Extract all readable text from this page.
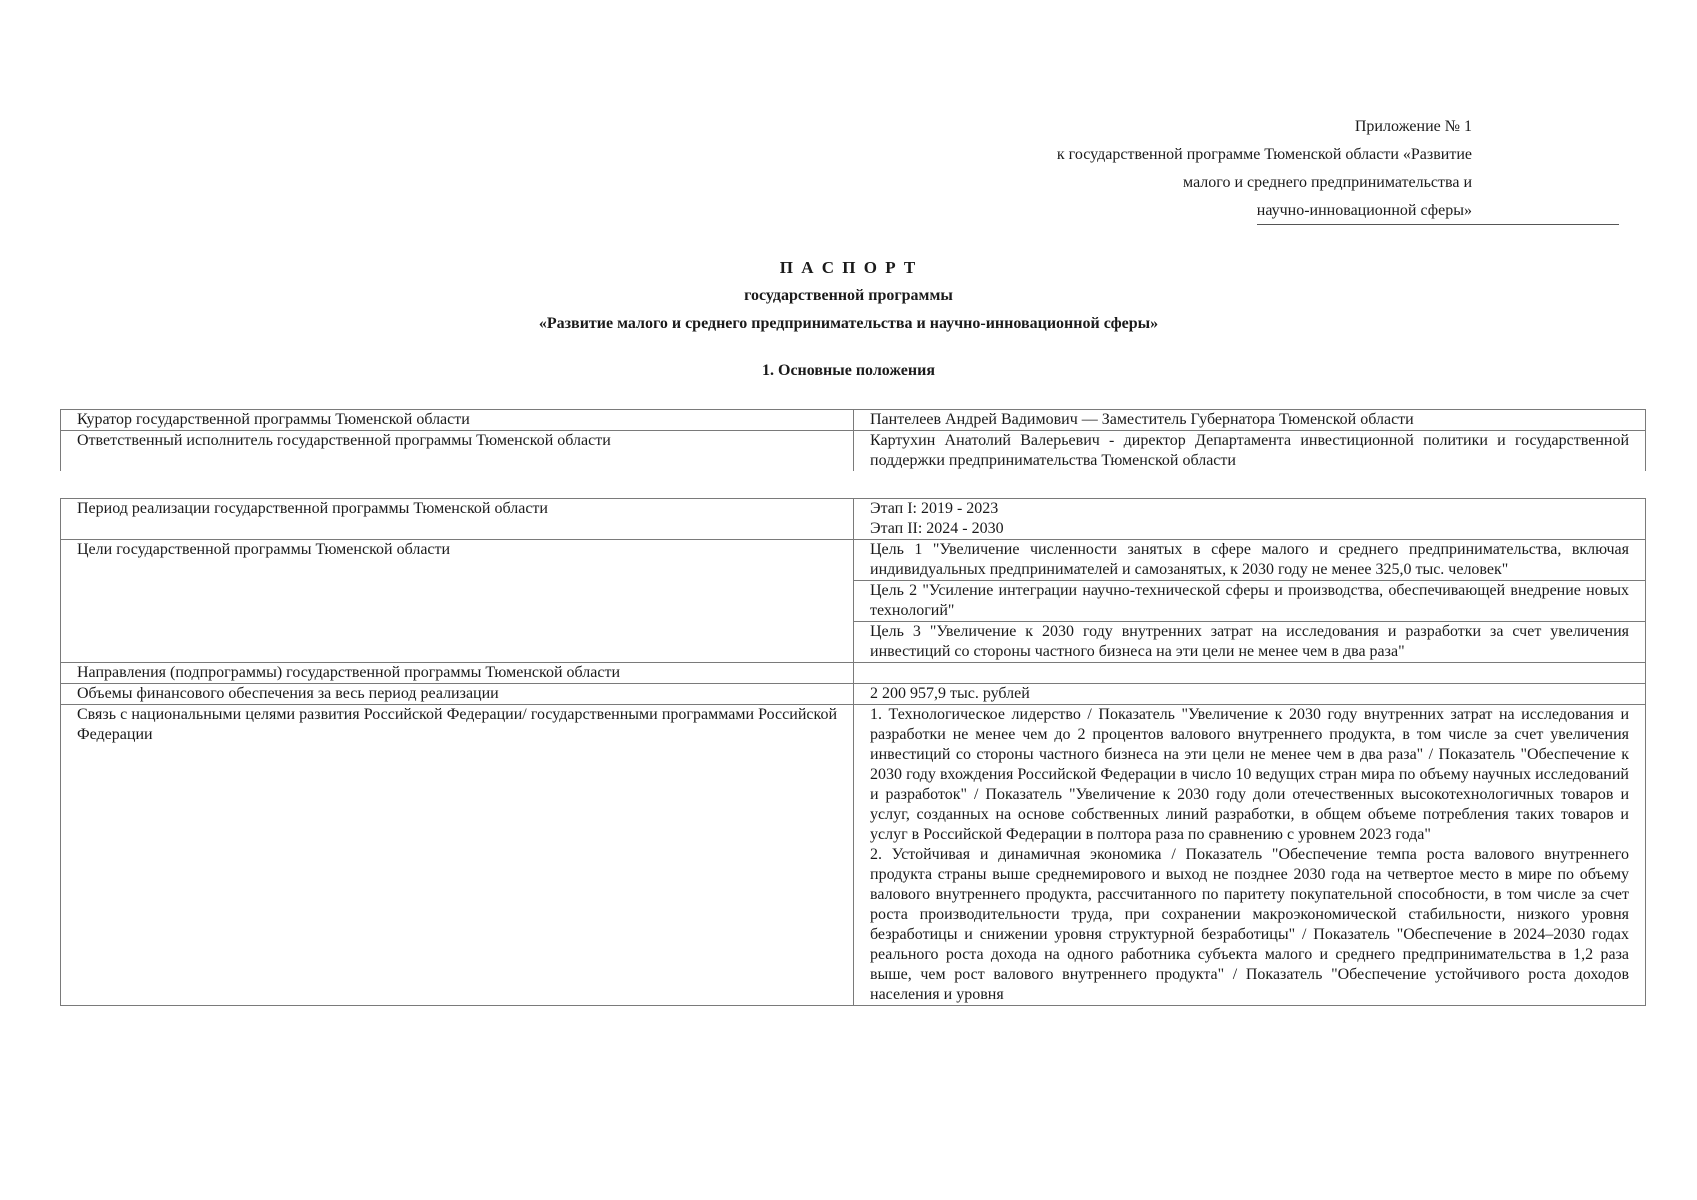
Приложение № 1
к государственной программе Тюменской области «Развитие
малого и среднего предпринимательства и
научно-инновационной сферы»
П А С П О Р Т
государственной программы
«Развитие малого и среднего предпринимательства и научно-инновационной сферы»
1. Основные положения
Куратор государственной программы Тюменской области	Пантелеев Андрей Вадимович — Заместитель Губернатора Тюменской области
Ответственный исполнитель государственной программы Тюменской области	Картухин Анатолий Валерьевич - директор Департамента инвестиционной политики и государственной поддержки предпринимательства Тюменской области
Период реализации государственной программы Тюменской области	Этап I: 2019 - 2023
Этап II: 2024 - 2030

Цели государственной программы Тюменской области	Цель 1 "Увеличение численности занятых в сфере малого и среднего предпринимательства, включая индивидуальных предпринимателей и самозанятых, к 2030 году не менее 325,0 тыс. человек"
	Цель 2 "Усиление интеграции научно-технической сферы и производства, обеспечивающей внедрение новых технологий"
	Цель 3 "Увеличение к 2030 году внутренних затрат на исследования и разработки за счет увеличения инвестиций со стороны частного бизнеса на эти цели не менее чем в два раза"
Направления (подпрограммы) государственной программы Тюменской области	
Объемы финансового обеспечения за весь период реализации	2 200 957,9 тыс. рублей
Связь с национальными целями развития Российской Федерации/ государственными программами Российской Федерации	1. Технологическое лидерство / Показатель "Увеличение к 2030 году внутренних затрат на исследования и разработки не менее чем до 2 процентов валового внутреннего продукта, в том числе за счет увеличения инвестиций со стороны частного бизнеса на эти цели не менее чем в два раза" / Показатель "Обеспечение к 2030 году вхождения Российской Федерации в число 10 ведущих стран мира по объему научных исследований и разработок" / Показатель "Увеличение к 2030 году доли отечественных высокотехнологичных товаров и услуг, созданных на основе собственных линий разработки, в общем объеме потребления таких товаров и услуг в Российской Федерации в полтора раза по сравнению с уровнем 2023 года"
2. Устойчивая и динамичная экономика / Показатель "Обеспечение темпа роста валового внутреннего продукта страны выше среднемирового и выход не позднее 2030 года на четвертое место в мире по объему валового внутреннего продукта, рассчитанного по паритету покупательной способности, в том числе за счет роста производительности труда, при сохранении макроэкономической стабильности, низкого уровня безработицы и снижении уровня структурной безработицы" / Показатель "Обеспечение в 2024–2030 годах реального роста дохода на одного работника субъекта малого и среднего предпринимательства в 1,2 раза выше, чем рост валового внутреннего продукта" / Показатель "Обеспечение устойчивого роста доходов населения и уровня
